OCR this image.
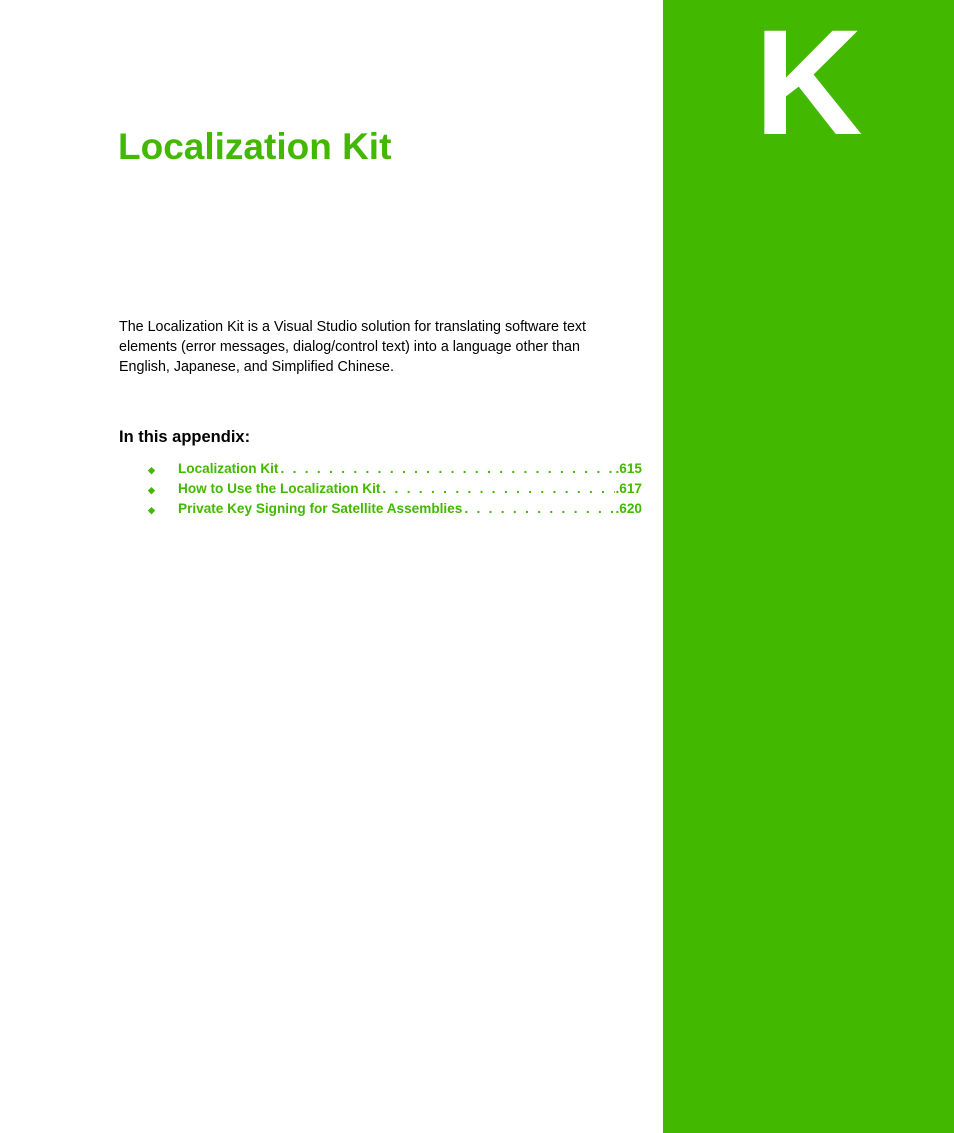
K
Localization Kit

The Localization Kit is a Visual Studio solution for translating software text elements (error messages, dialog/control text) into a language other than English, Japanese, and Simplified Chinese.

In this appendix:
◆	Localization Kit . . .	.615
◆	How to Use the Localization Kit . . .	.617
◆	Private Key Signing for Satellite Assemblies . . .	.620
